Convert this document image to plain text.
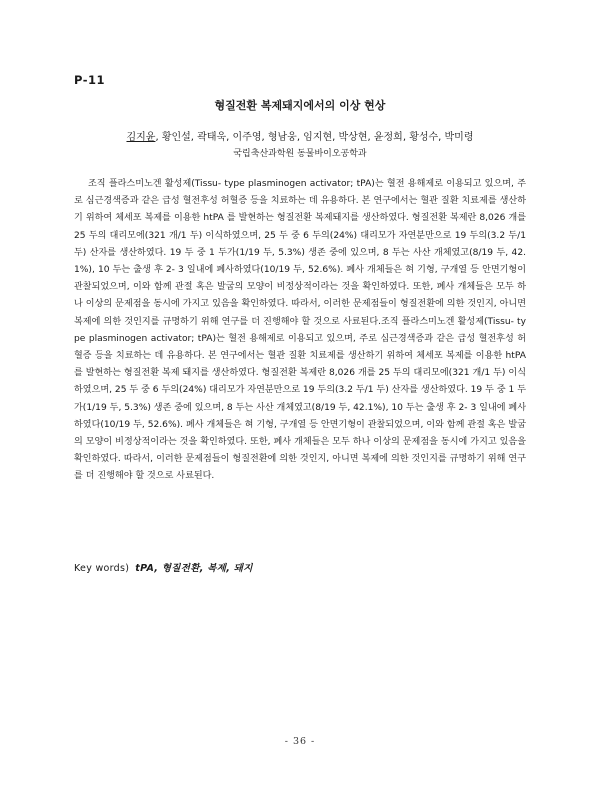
P-11
형질전환 복제돼지에서의 이상 현상
김지윤, 황인설, 곽태욱, 이주영, 형남웅, 임지현, 박상현, 윤정희, 황성수, 박미령
국립축산과학원 동물바이오공학과

조직 플라스미노겐 활성제(Tissu- type plasminogen activator; tPA)는 혈전 용해제로 이용되고 있으며, 주로 심근경색증과 같은 급성 혈전후성 허혈증 등을 치료하는 데 유용하다. 본 연구에서는 혈관 질환 치료제를 생산하기 위하여 체세포 복제를 이용한 htPA 를 발현하는 형질전환 복제돼지를 생산하였다. 형질전환 복제란 8,026 개를 25 두의 대리모에(321 개/1 두) 이식하였으며, 25 두 중 6 두의(24%) 대리모가 자연분만으로 19 두의(3.2 두/1 두) 산자를 생산하였다. 19 두 중 1 두가(1/19 두, 5.3%) 생존 중에 있으며, 8 두는 사산 개체였고(8/19 두, 42.1%), 10 두는 출생 후 2- 3 일내에 폐사하였다(10/19 두, 52.6%). 폐사 개체들은 혀 기형, 구개열 등 안면기형이 관찰되었으며, 이와 함께 관절 혹은 발굽의 모양이 비정상적이라는 것을 확인하였다. 또한, 폐사 개체들은 모두 하나 이상의 문제점을 동시에 가지고 있음을 확인하였다. 따라서, 이러한 문제점들이 형질전환에 의한 것인지, 아니면 복제에 의한 것인지를 규명하기 위해 연구를 더 진행해야 할 것으로 사료된다.조직 플라스미노겐 활성제(Tissu- type plasminogen activator; tPA)는 혈전 용해제로 이용되고 있으며, 주로 심근경색증과 같은 급성 혈전후성 허혈증 등을 치료하는 데 유용하다. 본 연구에서는 혈관 질환 치료제를 생산하기 위하여 체세포 복제를 이용한 htPA 를 발현하는 형질전환 복제 돼지를 생산하였다. 형질전환 복제란 8,026 개를 25 두의 대리모에(321 개/1 두) 이식하였으며, 25 두 중 6 두의(24%) 대리모가 자연분만으로 19 두의(3.2 두/1 두) 산자를 생산하였다. 19 두 중 1 두가(1/19 두, 5.3%) 생존 중에 있으며, 8 두는 사산 개체였고(8/19 두, 42.1%), 10 두는 출생 후 2- 3 일내에 폐사하였다(10/19 두, 52.6%). 폐사 개체들은 혀 기형, 구개열 등 안면기형이 관찰되었으며, 이와 함께 관절 혹은 발굽의 모양이 비정상적이라는 것을 확인하였다. 또한, 폐사 개체들은 모두 하나 이상의 문제점을 동시에 가지고 있음을 확인하였다. 따라서, 이러한 문제점들이 형질전환에 의한 것인지, 아니면 복제에 의한 것인지를 규명하기 위해 연구를 더 진행해야 할 것으로 사료된다.

Key words) tPA, 형질전환, 복제, 돼지
- 36 -
